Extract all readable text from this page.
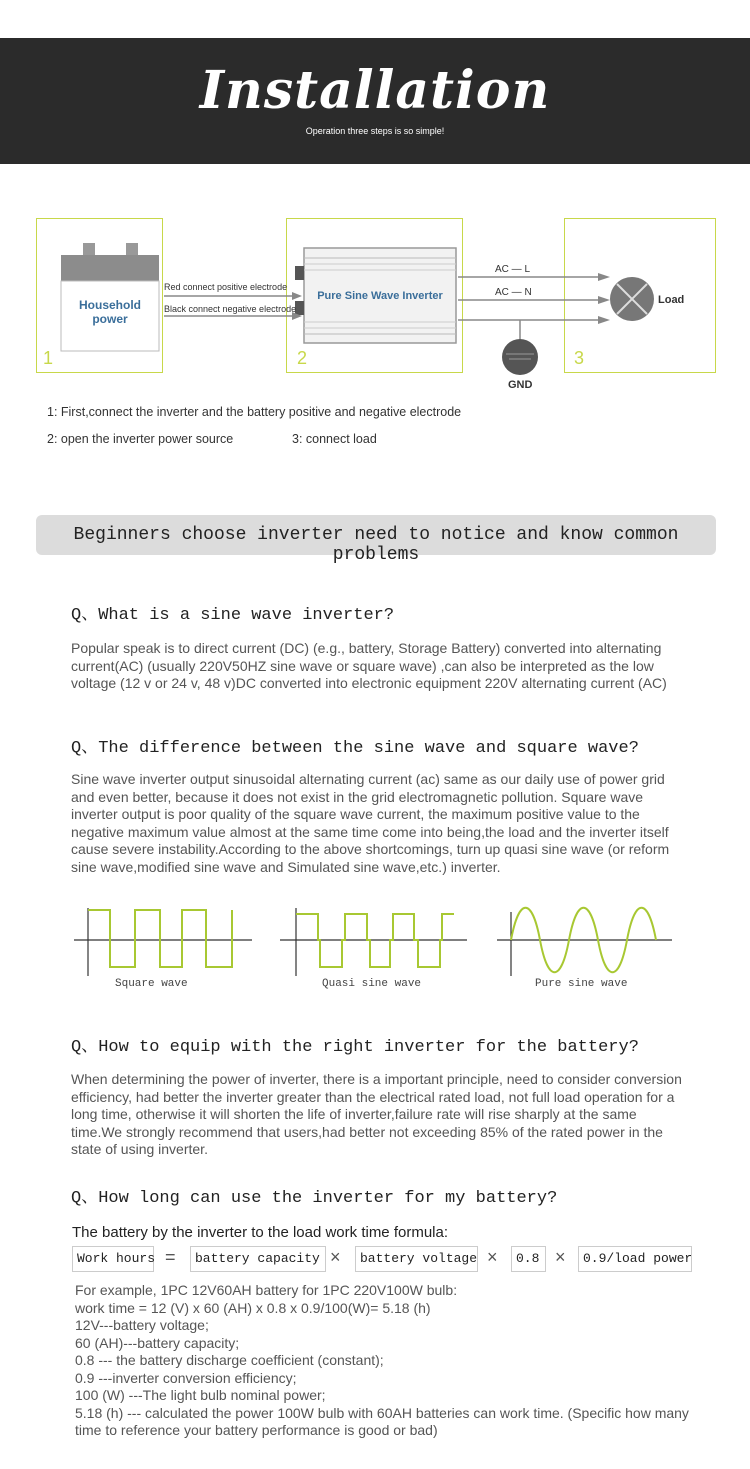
Installation
Operation three steps is so simple!
1	2	3
Household
power
Red connect positive electrode
Black connect negative electrode
Pure Sine Wave Inverter
AC — L
AC — N
GND
Load
1: First,connect the inverter and the battery positive and negative electrode
2: open the inverter power source	3: connect load
Beginners choose inverter need to notice and know common problems
Q、What is a sine wave inverter?
Popular speak is to direct current (DC) (e.g., battery, Storage Battery) converted into alternating current(AC) (usually 220V50HZ sine wave or square wave) ,can also be interpreted as the low voltage (12 v or 24 v, 48 v)DC converted into electronic equipment 220V alternating current (AC)
Q、The difference between the sine wave and square wave?
Sine wave inverter output sinusoidal alternating current (ac) same as our daily use of power grid and even better, because it does not exist in the grid electromagnetic pollution. Square wave inverter output is poor quality of the square wave current, the maximum positive value to the negative maximum value almost at the same time come into being,the load and the inverter itself cause severe instability.According to the above shortcomings, turn up quasi sine wave (or reform sine wave,modified sine wave and Simulated sine wave,etc.) inverter.
Square wave	Quasi sine wave	Pure sine wave
Q、How to equip with the right inverter for the battery?
When determining the power of inverter, there is a important principle, need to consider conversion efficiency, had better the inverter greater than the electrical rated load, not full load operation for a long time, otherwise it will shorten the life of inverter,failure rate will rise sharply at the same time.We strongly recommend that users,had better not exceeding 85% of the rated power in the state of using inverter.
Q、How long can use the inverter for my battery?
The battery by the inverter to the load work time formula:
Work hours =	battery capacity ×	battery voltage ×	0.8 ×	0.9/load power
For example, 1PC 12V60AH battery for 1PC 220V100W bulb:
work time = 12 (V) x 60 (AH) x 0.8 x 0.9/100(W)= 5.18 (h)
12V---battery voltage;
60 (AH)---battery capacity;
0.8 --- the battery discharge coefficient (constant);
0.9 ---inverter conversion efficiency;
100 (W) ---The light bulb nominal power;
5.18 (h) --- calculated the power 100W bulb with 60AH batteries can work time. (Specific how many time to reference your battery performance is good or bad)
